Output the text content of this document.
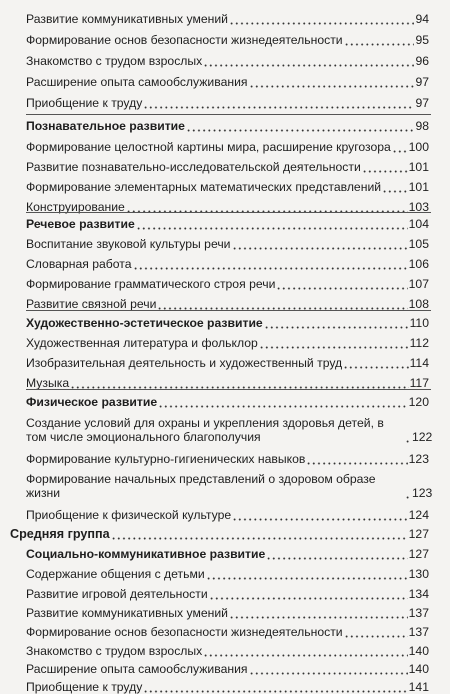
Развитие коммуникативных умений	94
Формирование основ безопасности жизнедеятельности	95
Знакомство с трудом взрослых	96
Расширение опыта самообслуживания	97
Приобщение к труду	97
Познавательное развитие	98
Формирование целостной картины мира, расширение кругозора 100
Развитие познавательно-исследовательской деятельности	101
Формирование элементарных математических представлений 101
Конструирование	103
Речевое развитие	104
Воспитание звуковой культуры речи	105
Словарная работа	106
Формирование грамматического строя речи	107
Развитие связной речи	108
Художественно-эстетическое развитие	110
Художественная литература и фольклор	112
Изобразительная деятельность и художественный труд	114
Музыка	117
Физическое развитие	120
Создание условий для охраны и укрепления здоровья детей, в том числе эмоционального благополучия	122
Формирование культурно-гигиенических навыков	123
Формирование начальных представлений о здоровом образе жизни	123
Приобщение к физической культуре	124
Средняя группа	127
Социально-коммуникативное развитие	127
Содержание общения с детьми	130
Развитие игровой деятельности	134
Развитие коммуникативных умений	137
Формирование основ безопасности жизнедеятельности	137
Знакомство с трудом взрослых	140
Расширение опыта самообслуживания	140
Приобщение к труду	141
